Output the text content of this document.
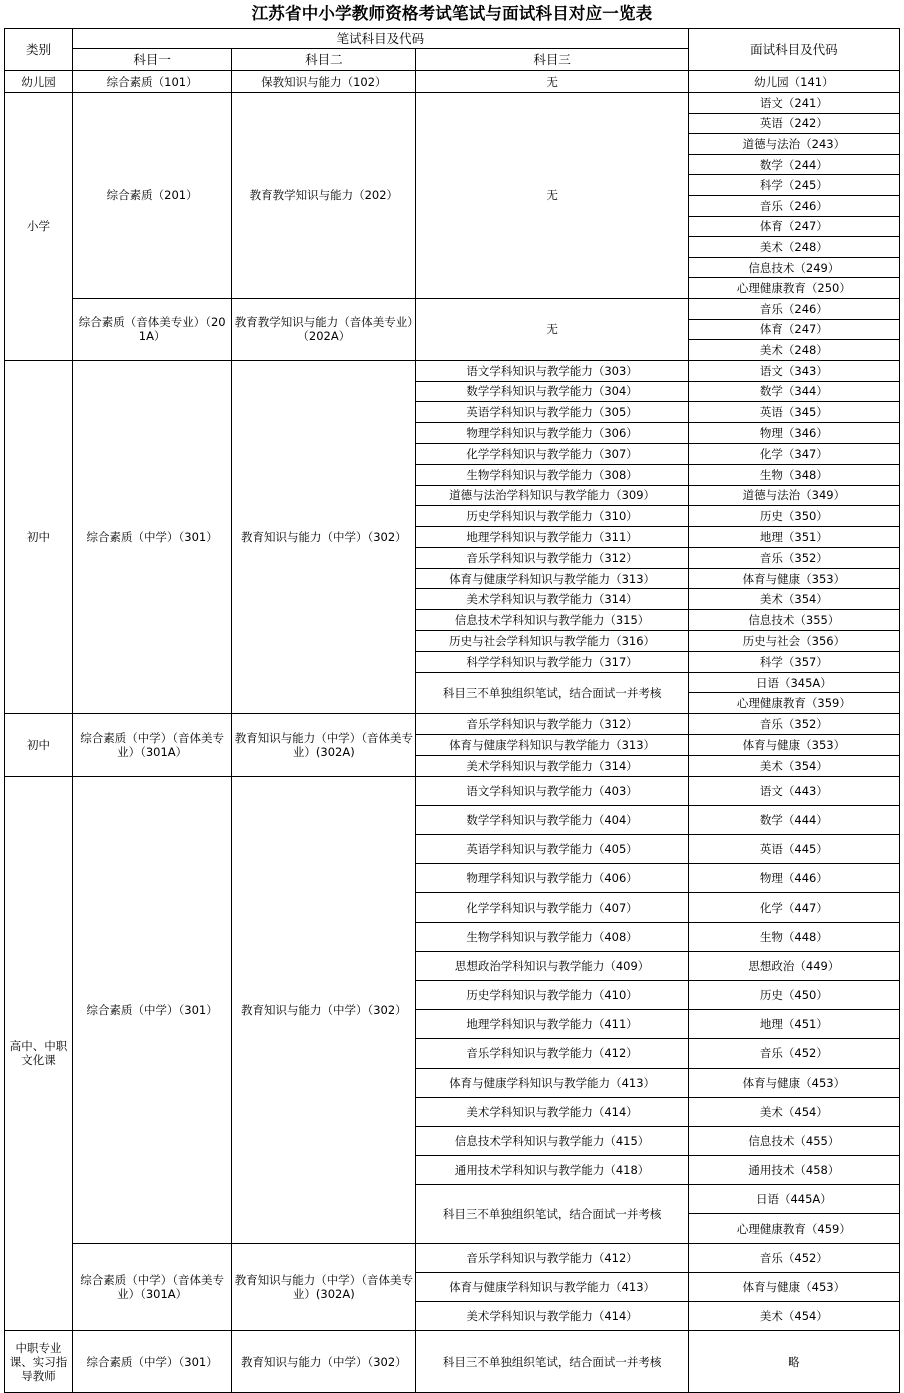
江苏省中小学教师资格考试笔试与面试科目对应一览表
类别	笔试科目及代码			面试科目及代码
	科目一	科目二	科目三	
幼儿园	综合素质（101）	保教知识与能力（102）	无	幼儿园（141）
小学	综合素质（201）	教育教学知识与能力（202）	无	语文（241）
				英语（242）
				道德与法治（243）
				数学（244）
				科学（245）
				音乐（246）
				体育（247）
				美术（248）
				信息技术（249）
				心理健康教育（250）
	综合素质（音体美专业）（201A）	教育教学知识与能力（音体美专业）（202A）	无	音乐（246）
				体育（247）
				美术（248）
初中	综合素质（中学）（301）	教育知识与能力（中学）（302）	语文学科知识与教学能力（303）	语文（343）
			数学学科知识与教学能力（304）	数学（344）
			英语学科知识与教学能力（305）	英语（345）
			物理学科知识与教学能力（306）	物理（346）
			化学学科知识与教学能力（307）	化学（347）
			生物学科知识与教学能力（308）	生物（348）
			道德与法治学科知识与教学能力（309）	道德与法治（349）
			历史学科知识与教学能力（310）	历史（350）
			地理学科知识与教学能力（311）	地理（351）
			音乐学科知识与教学能力（312）	音乐（352）
			体育与健康学科知识与教学能力（313）	体育与健康（353）
			美术学科知识与教学能力（314）	美术（354）
			信息技术学科知识与教学能力（315）	信息技术（355）
			历史与社会学科知识与教学能力（316）	历史与社会（356）
			科学学科知识与教学能力（317）	科学（357）
			科目三不单独组织笔试，结合面试一并考核	日语（345A）
				心理健康教育（359）
初中	综合素质（中学）（音体美专业）（301A）	教育知识与能力（中学）（音体美专业）(302A)	音乐学科知识与教学能力（312）	音乐（352）
			体育与健康学科知识与教学能力（313）	体育与健康（353）
			美术学科知识与教学能力（314）	美术（354）
高中、中职文化课	综合素质（中学）（301）	教育知识与能力（中学）（302）	语文学科知识与教学能力（403）	语文（443）
			数学学科知识与教学能力（404）	数学（444）
			英语学科知识与教学能力（405）	英语（445）
			物理学科知识与教学能力（406）	物理（446）
			化学学科知识与教学能力（407）	化学（447）
			生物学科知识与教学能力（408）	生物（448）
			思想政治学科知识与教学能力（409）	思想政治（449）
			历史学科知识与教学能力（410）	历史（450）
			地理学科知识与教学能力（411）	地理（451）
			音乐学科知识与教学能力（412）	音乐（452）
			体育与健康学科知识与教学能力（413）	体育与健康（453）
			美术学科知识与教学能力（414）	美术（454）
			信息技术学科知识与教学能力（415）	信息技术（455）
			通用技术学科知识与教学能力（418）	通用技术（458）
			科目三不单独组织笔试，结合面试一并考核	日语（445A）
				心理健康教育（459）
	综合素质（中学）（音体美专业）（301A）	教育知识与能力（中学）（音体美专业）(302A)	音乐学科知识与教学能力（412）	音乐（452）
			体育与健康学科知识与教学能力（413）	体育与健康（453）
			美术学科知识与教学能力（414）	美术（454）
中职专业课、实习指导教师	综合素质（中学）（301）	教育知识与能力（中学）（302）	科目三不单独组织笔试，结合面试一并考核	略
